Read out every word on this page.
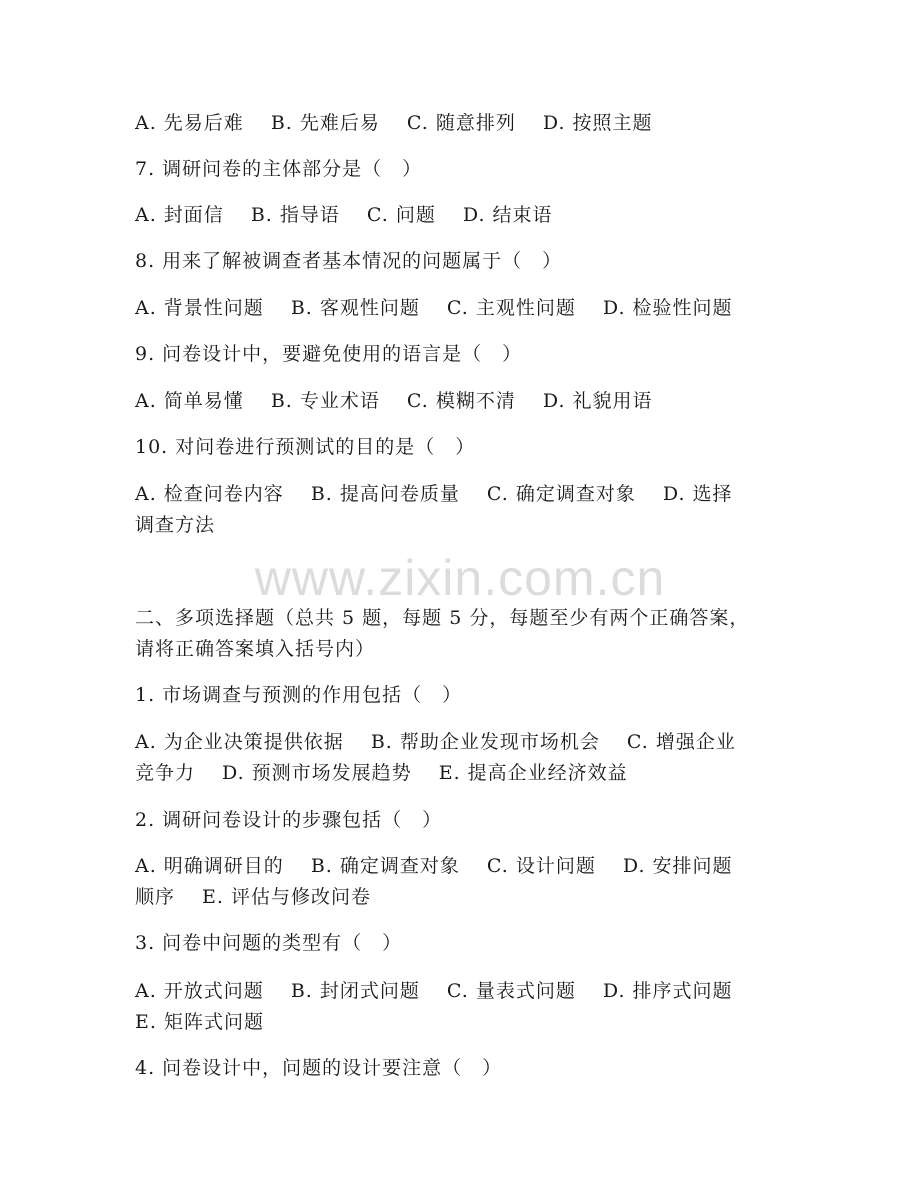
A. 先易后难　 B. 先难后易　 C. 随意排列　 D. 按照主题
7. 调研问卷的主体部分是（　）
A. 封面信　 B. 指导语　 C. 问题　 D. 结束语
8. 用来了解被调查者基本情况的问题属于（　）
A. 背景性问题　 B. 客观性问题　 C. 主观性问题　 D. 检验性问题
9. 问卷设计中，要避免使用的语言是（　）
A. 简单易懂　 B. 专业术语　 C. 模糊不清　 D. 礼貌用语
10. 对问卷进行预测试的目的是（　）
A. 检查问卷内容　 B. 提高问卷质量　 C. 确定调查对象　 D. 选择
调查方法
www.zixin.com.cn
二、多项选择题（总共 5 题，每题 5 分，每题至少有两个正确答案，
请将正确答案填入括号内）
1. 市场调查与预测的作用包括（　）
A. 为企业决策提供依据　 B. 帮助企业发现市场机会　 C. 增强企业
竞争力　 D. 预测市场发展趋势　 E. 提高企业经济效益
2. 调研问卷设计的步骤包括（　）
A. 明确调研目的　 B. 确定调查对象　 C. 设计问题　 D. 安排问题
顺序　 E. 评估与修改问卷
3. 问卷中问题的类型有（　）
A. 开放式问题　 B. 封闭式问题　 C. 量表式问题　 D. 排序式问题
E. 矩阵式问题
4. 问卷设计中，问题的设计要注意（　）
